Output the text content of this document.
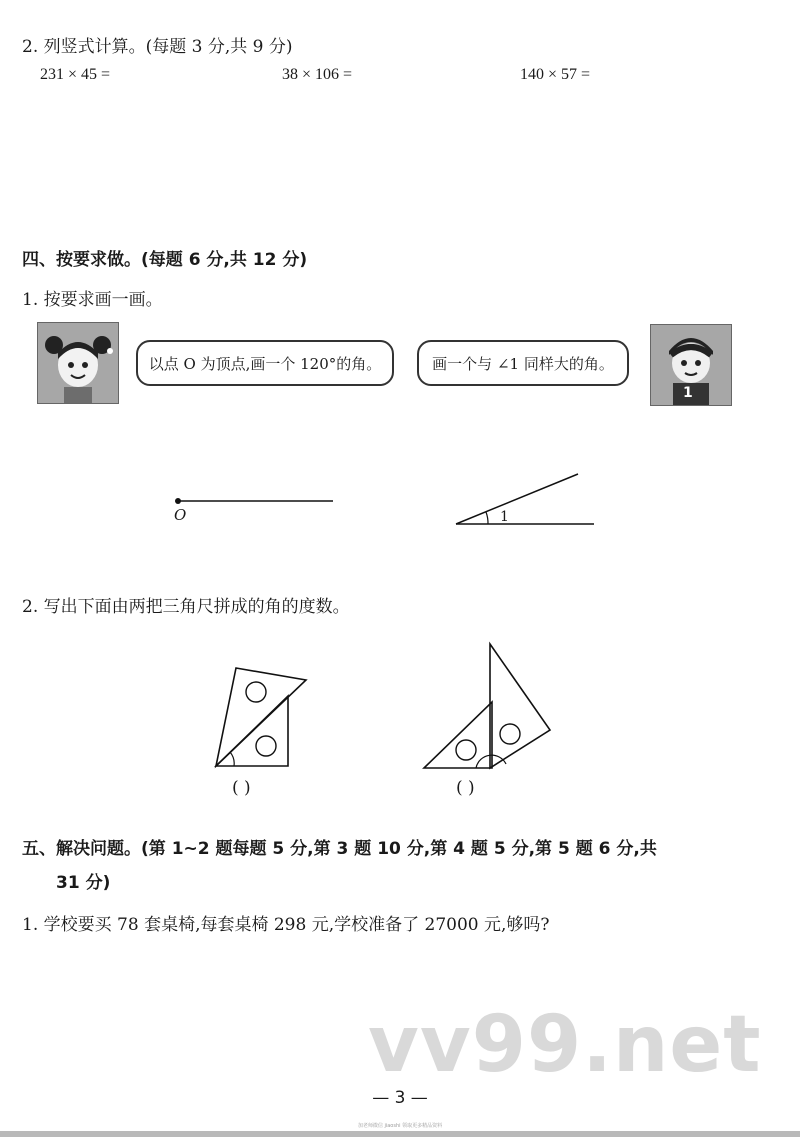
2. 列竖式计算。(每题 3 分,共 9 分)
231 × 45 =	38 × 106 =	140 × 57 =
四、按要求做。(每题 6 分,共 12 分)
1. 按要求画一画。
以点 O 为顶点,画一个 120°的角。	画一个与 ∠1 同样大的角。
1
O	1
2. 写出下面由两把三角尺拼成的角的度数。
( )	( )
五、解决问题。(第 1~2 题每题 5 分,第 3 题 10 分,第 4 题 5 分,第 5 题 6 分,共
31 分)
1. 学校要买 78 套桌椅,每套桌椅 298 元,学校准备了 27000 元,够吗?
vv99.net
— 3 —
加老师微信 jiaoshi 领取更多精品资料
